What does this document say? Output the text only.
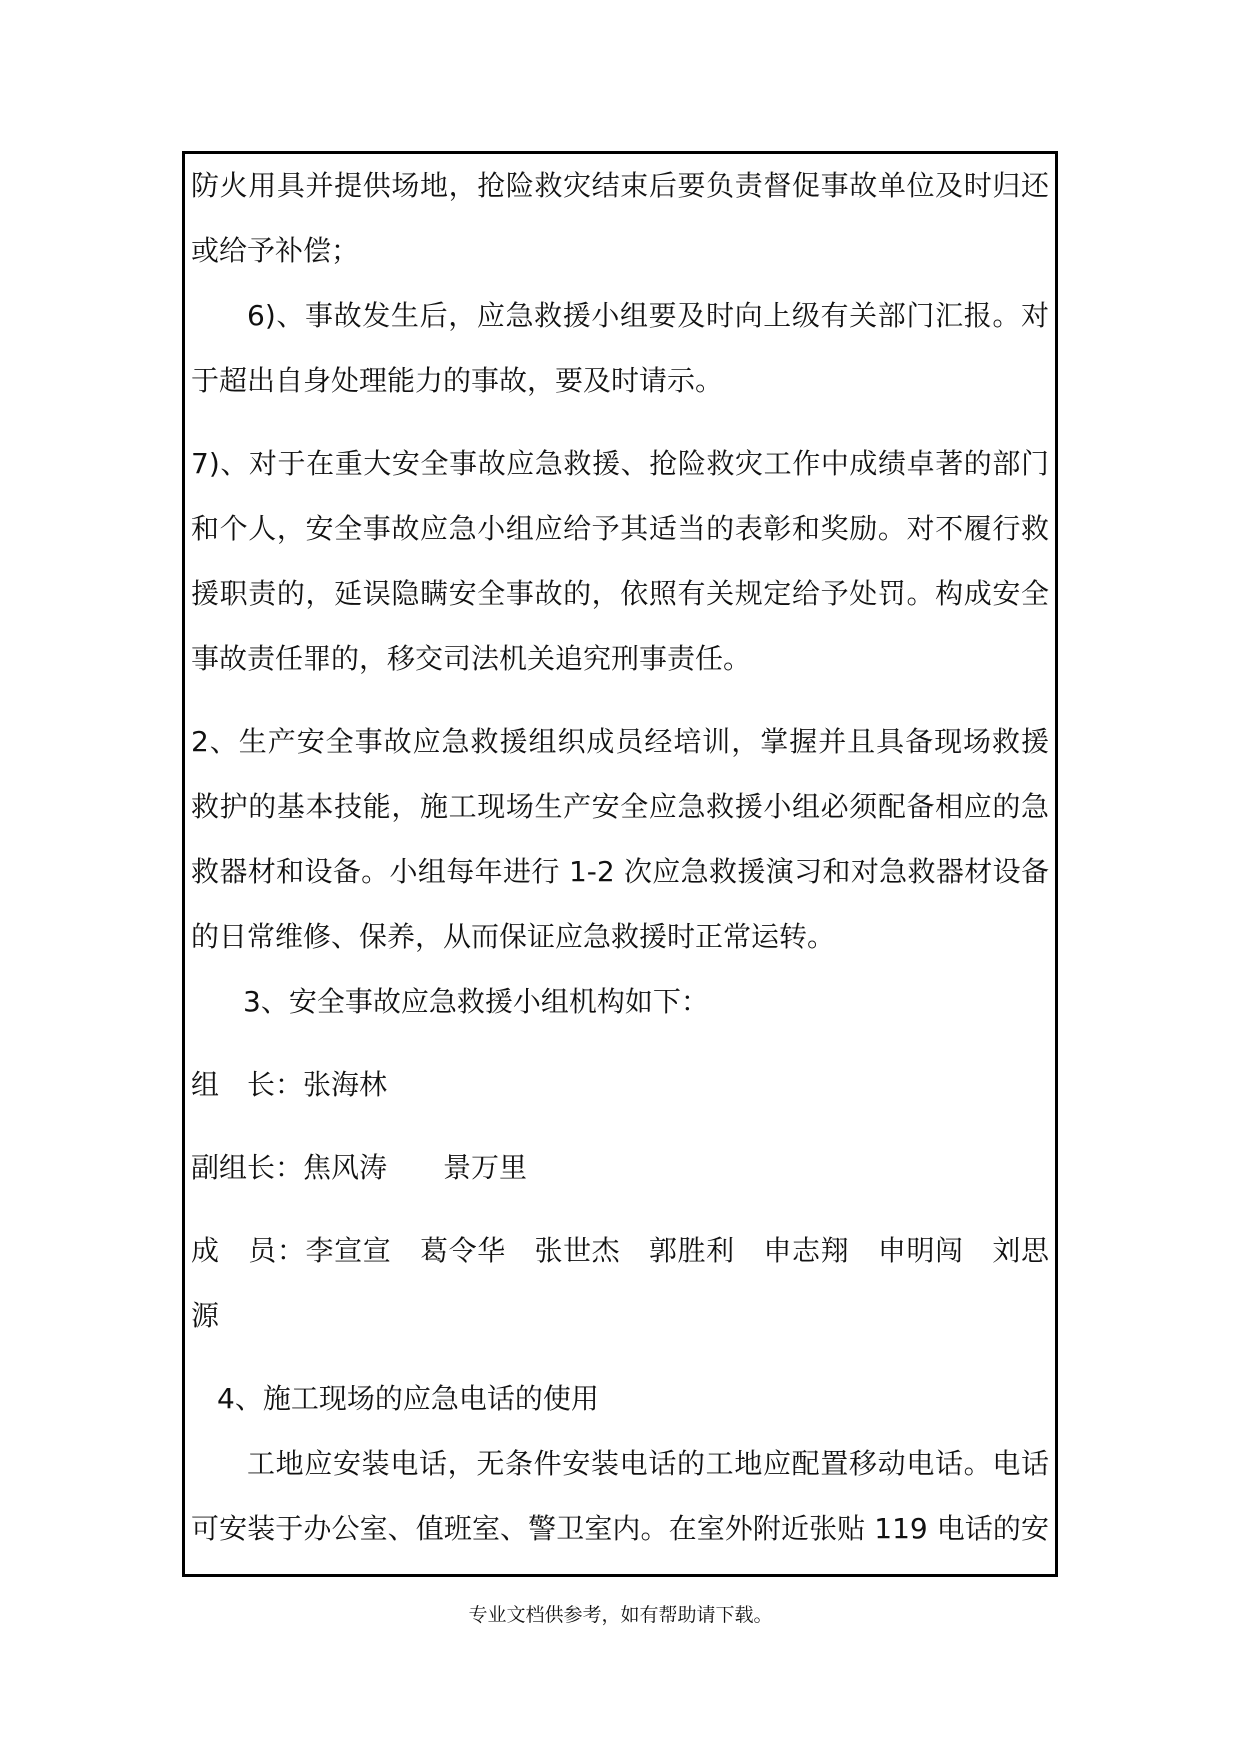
防火用具并提供场地，抢险救灾结束后要负责督促事故单位及时归还
或给予补偿；
6)、事故发生后，应急救援小组要及时向上级有关部门汇报。对
于超出自身处理能力的事故，要及时请示。
7)、对于在重大安全事故应急救援、抢险救灾工作中成绩卓著的部门
和个人，安全事故应急小组应给予其适当的表彰和奖励。对不履行救
援职责的，延误隐瞒安全事故的，依照有关规定给予处罚。构成安全
事故责任罪的，移交司法机关追究刑事责任。
2、生产安全事故应急救援组织成员经培训，掌握并且具备现场救援
救护的基本技能，施工现场生产安全应急救援小组必须配备相应的急
救器材和设备。小组每年进行 1-2 次应急救援演习和对急救器材设备
的日常维修、保养，从而保证应急救援时正常运转。
3、安全事故应急救援小组机构如下：
组　长：张海林
副组长：焦风涛　　景万里
成　员：李宣宣　葛令华　张世杰　郭胜利　申志翔　申明闯　刘思
源
4、施工现场的应急电话的使用
工地应安装电话，无条件安装电话的工地应配置移动电话。电话
可安装于办公室、值班室、警卫室内。在室外附近张贴 119 电话的安
专业文档供参考，如有帮助请下载。
